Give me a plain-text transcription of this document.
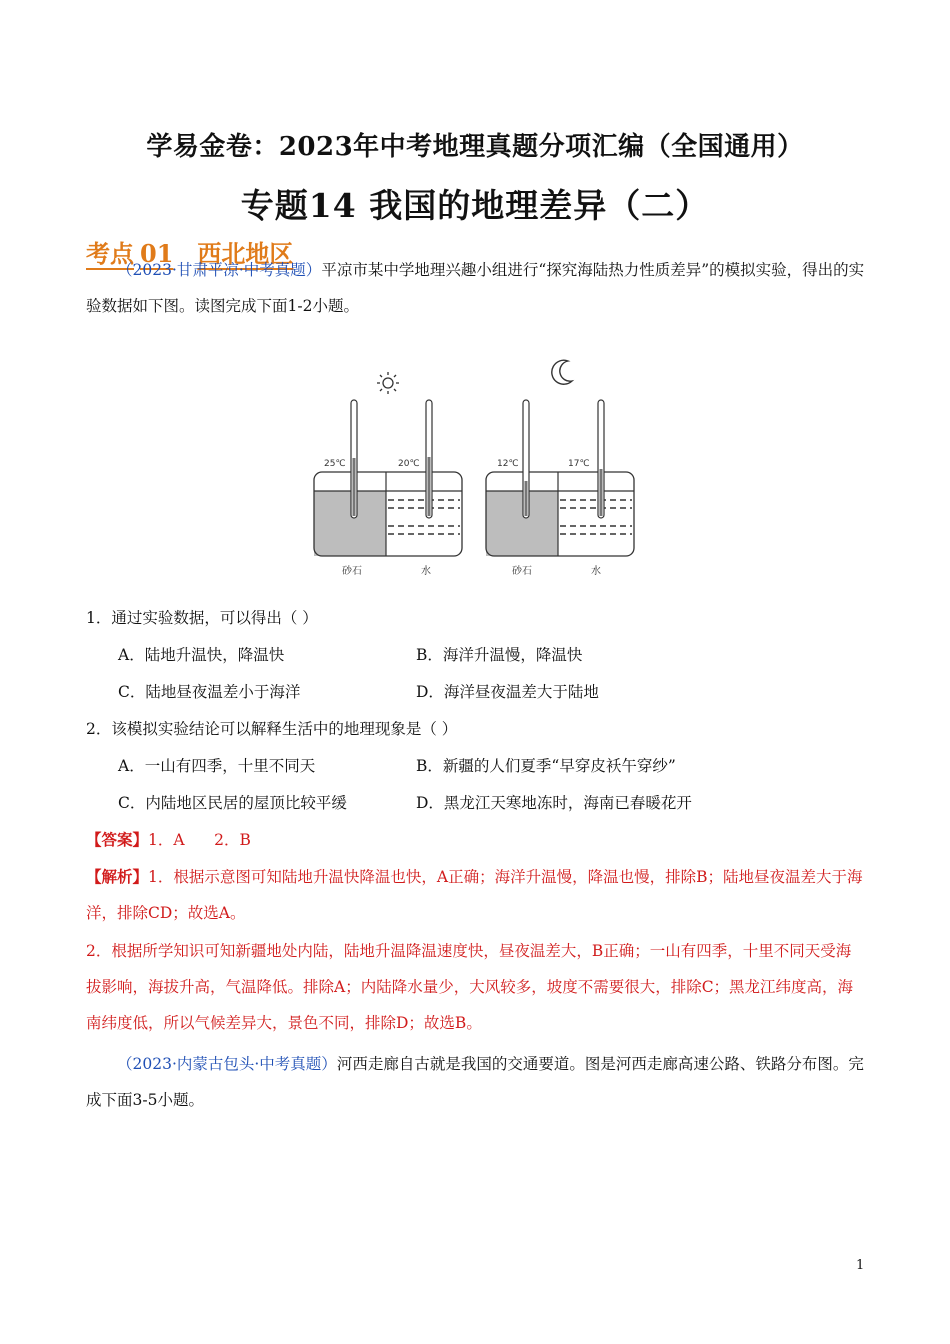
学易金卷：2023年中考地理真题分项汇编（全国通用）
专题14 我国的地理差异（二）
考点 01 西北地区
（2023·甘肃平凉·中考真题）平凉市某中学地理兴趣小组进行“探究海陆热力性质差异”的模拟实验，得出的实验数据如下图。读图完成下面1-2小题。
25℃	20℃
砂石	水
12℃	17℃
砂石	水
1．通过实验数据，可以得出（ ）
A．陆地升温快，降温快	B．海洋升温慢，降温快
C．陆地昼夜温差小于海洋	D．海洋昼夜温差大于陆地
2．该模拟实验结论可以解释生活中的地理现象是（ ）
A．一山有四季，十里不同天	B．新疆的人们夏季“早穿皮袄午穿纱”
C．内陆地区民居的屋顶比较平缓	D．黑龙江天寒地冻时，海南已春暖花开
【答案】1．A      2．B
【解析】1．根据示意图可知陆地升温快降温也快，A正确；海洋升温慢，降温也慢，排除B；陆地昼夜温差大于海洋，排除CD；故选A。
2．根据所学知识可知新疆地处内陆，陆地升温降温速度快，昼夜温差大，B正确；一山有四季，十里不同天受海拔影响，海拔升高，气温降低。排除A；内陆降水量少，大风较多，坡度不需要很大，排除C；黑龙江纬度高，海南纬度低，所以气候差异大，景色不同，排除D；故选B。
（2023·内蒙古包头·中考真题）河西走廊自古就是我国的交通要道。图是河西走廊高速公路、铁路分布图。完成下面3-5小题。
1
